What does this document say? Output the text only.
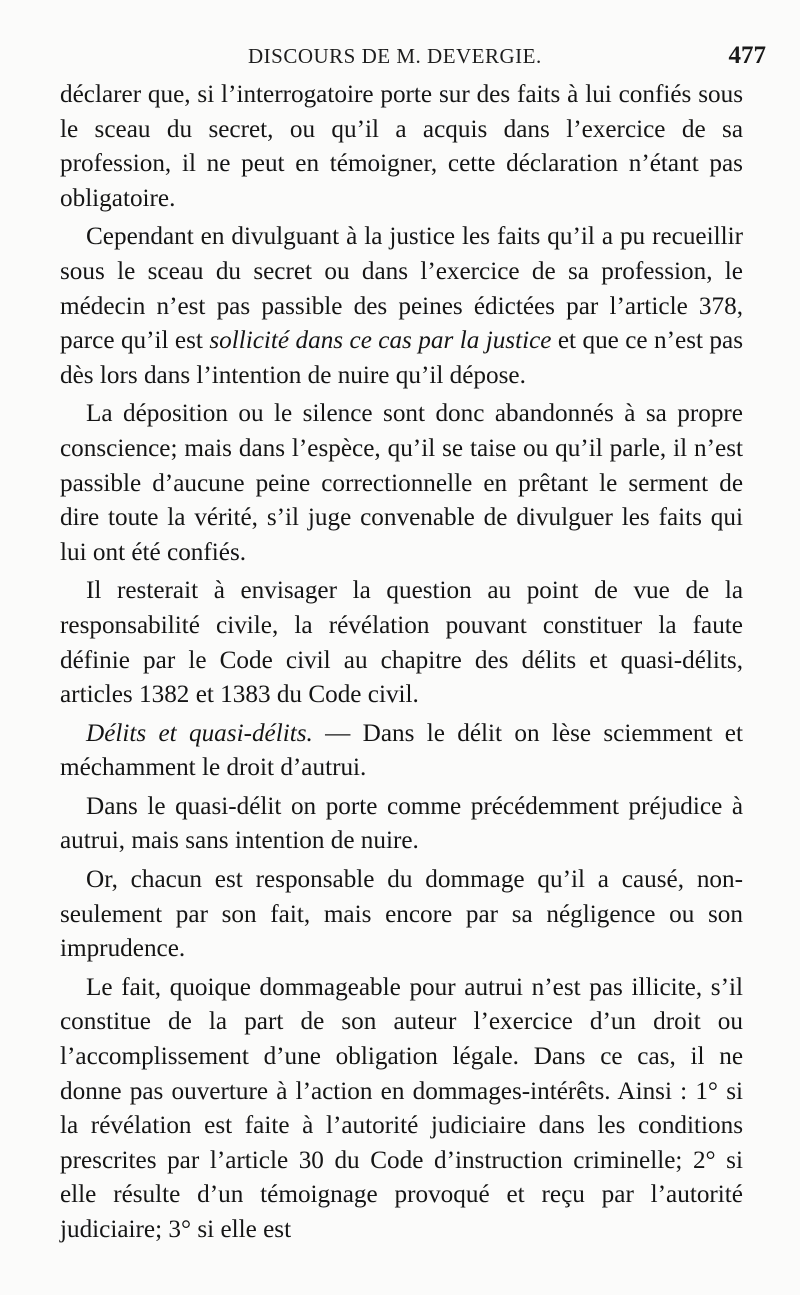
DISCOURS DE M. DEVERGIE.	477

déclarer que, si l’interrogatoire porte sur des faits à lui confiés sous le sceau du secret, ou qu’il a acquis dans l’exercice de sa profession, il ne peut en témoigner, cette déclaration n’étant pas obligatoire.

Cependant en divulguant à la justice les faits qu’il a pu recueillir sous le sceau du secret ou dans l’exercice de sa profession, le médecin n’est pas passible des peines édictées par l’article 378, parce qu’il est sollicité dans ce cas par la justice et que ce n’est pas dès lors dans l’intention de nuire qu’il dépose.

La déposition ou le silence sont donc abandonnés à sa propre conscience; mais dans l’espèce, qu’il se taise ou qu’il parle, il n’est passible d’aucune peine correctionnelle en prêtant le serment de dire toute la vérité, s’il juge convenable de divulguer les faits qui lui ont été confiés.

Il resterait à envisager la question au point de vue de la responsabilité civile, la révélation pouvant constituer la faute définie par le Code civil au chapitre des délits et quasi-délits, articles 1382 et 1383 du Code civil.

Délits et quasi-délits. — Dans le délit on lèse sciemment et méchamment le droit d’autrui.

Dans le quasi-délit on porte comme précédemment préjudice à autrui, mais sans intention de nuire.

Or, chacun est responsable du dommage qu’il a causé, non-seulement par son fait, mais encore par sa négligence ou son imprudence.

Le fait, quoique dommageable pour autrui n’est pas illicite, s’il constitue de la part de son auteur l’exercice d’un droit ou l’accomplissement d’une obligation légale. Dans ce cas, il ne donne pas ouverture à l’action en dommages-intérêts. Ainsi : 1° si la révélation est faite à l’autorité judiciaire dans les conditions prescrites par l’article 30 du Code d’instruction criminelle; 2° si elle résulte d’un témoignage provoqué et reçu par l’autorité judiciaire; 3° si elle est
